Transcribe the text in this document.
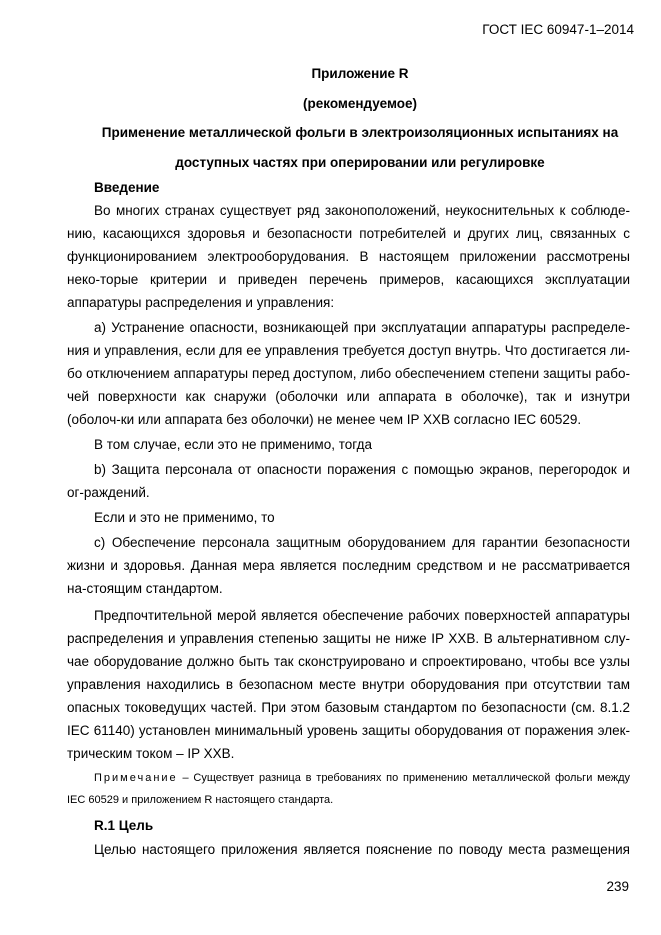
ГОСТ IEC 60947-1–2014
Приложение R
(рекомендуемое)
Применение металлической фольги в электроизоляционных испытаниях на
доступных частях при оперировании или регулировке

Введение

Во многих странах существует ряд законоположений, неукоснительных к соблюде-нию, касающихся здоровья и безопасности потребителей и других лиц, связанных с функционированием электрооборудования. В настоящем приложении рассмотрены неко-торые критерии и приведен перечень примеров, касающихся эксплуатации аппаратуры распределения и управления:

a) Устранение опасности, возникающей при эксплуатации аппаратуры распределе-ния и управления, если для ее управления требуется доступ внутрь. Что достигается ли-бо отключением аппаратуры перед доступом, либо обеспечением степени защиты рабо-чей поверхности как снаружи (оболочки или аппарата в оболочке), так и изнутри (оболоч-ки или аппарата без оболочки) не менее чем IP XXB согласно IEC 60529.

В том случае, если это не применимо, тогда

b) Защита персонала от опасности поражения с помощью экранов, перегородок и ог-раждений.

Если и это не применимо, то

c) Обеспечение персонала защитным оборудованием для гарантии безопасности жизни и здоровья. Данная мера является последним средством и не рассматривается на-стоящим стандартом.

Предпочтительной мерой является обеспечение рабочих поверхностей аппаратуры распределения и управления степенью защиты не ниже IP XXB. В альтернативном слу-чае оборудование должно быть так сконструировано и спроектировано, чтобы все узлы управления находились в безопасном месте внутри оборудования при отсутствии там опасных токоведущих частей. При этом базовым стандартом по безопасности (см. 8.1.2 IEC 61140) установлен минимальный уровень защиты оборудования от поражения элек-трическим током – IP XXB.

Примечание – Существует разница в требованиях по применению металлической фольги между IEC 60529 и приложением R настоящего стандарта.

R.1 Цель

Целью настоящего приложения является пояснение по поводу места размещения

239
